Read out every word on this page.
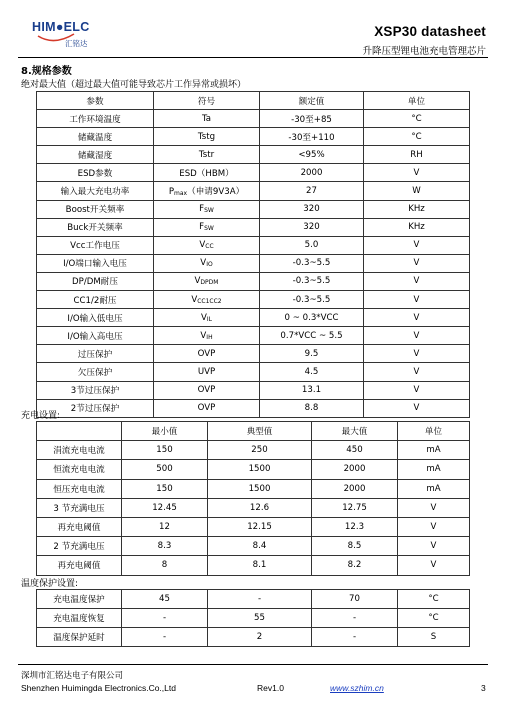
HIM●ELC
汇铭达
XSP30 datasheet
升降压型锂电池充电管理芯片
8.规格参数
绝对最大值（超过最大值可能导致芯片工作异常或损坏）
参数	符号	额定值	单位
工作环境温度	Ta	-30至+85	°C
储藏温度	Tstg	-30至+110	°C
储藏湿度	Tstr	<95%	RH
ESD参数	ESD（HBM）	2000	V
输入最大充电功率	$P_{max}$（申请9V3A）	27	W
Boost开关频率	$F_{SW}$	320	KHz
Buck开关频率	$F_{SW}$	320	KHz
Vcc工作电压	$V_{CC}$	5.0	V
I/O端口输入电压	$V_{IO}$	-0.3~5.5	V
DP/DM耐压	$V_{DPDM}$	-0.3~5.5	V
CC1/2耐压	$V_{CC1CC2}$	-0.3~5.5	V
I/O输入低电压	$V_{IL}$	0 ~ 0.3*VCC	V
I/O输入高电压	$V_{IH}$	0.7*VCC ~ 5.5	V
过压保护	OVP	9.5	V
欠压保护	UVP	4.5	V
3节过压保护	OVP	13.1	V
2节过压保护	OVP	8.8	V
充电设置:
	最小值	典型值	最大值	单位
涓流充电电流	150	250	450	mA
恒流充电电流	500	1500	2000	mA
恒压充电电流	150	1500	2000	mA
3 节充满电压	12.45	12.6	12.75	V
再充电阈值	12	12.15	12.3	V
2 节充满电压	8.3	8.4	8.5	V
再充电阈值	8	8.1	8.2	V
温度保护设置:
充电温度保护	45	-	70	°C
充电温度恢复	-	55	-	°C
温度保护延时	-	2	-	S
深圳市汇铭达电子有限公司
Shenzhen Huimingda Electronics.Co.,Ltd	Rev1.0	www.szhim.cn	3
